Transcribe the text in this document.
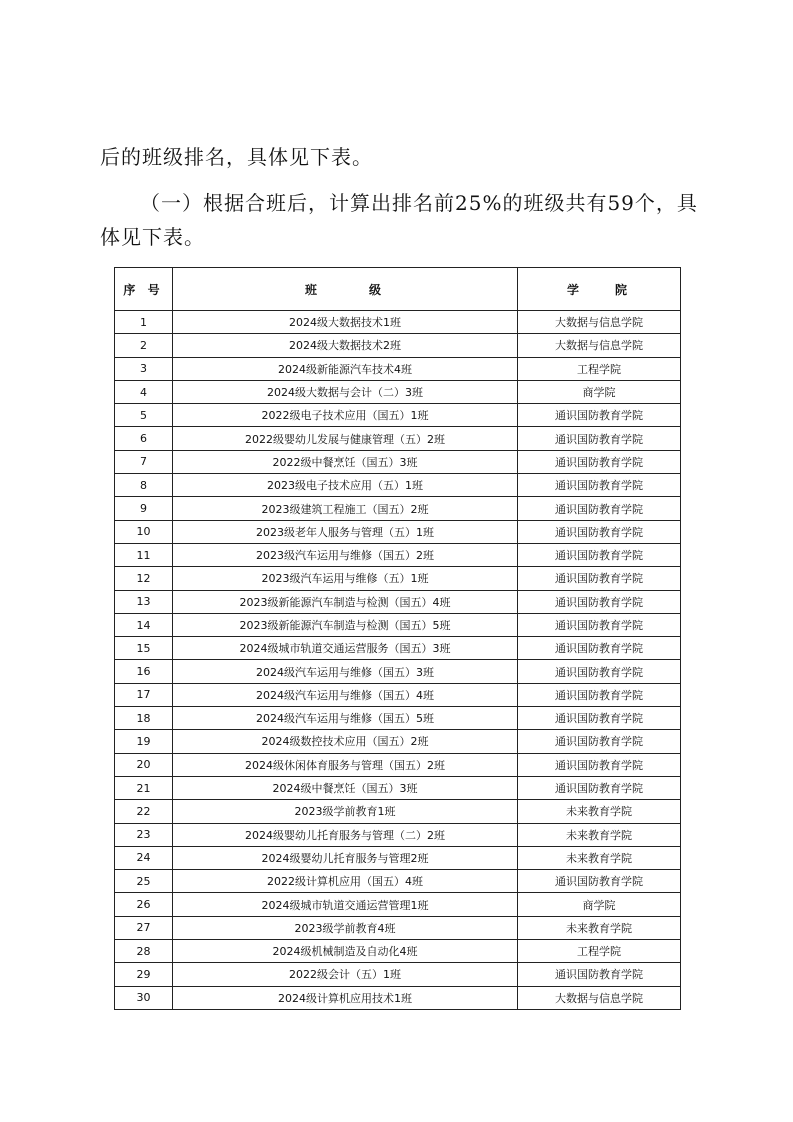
后的班级排名，具体见下表。

（一）根据合班后，计算出排名前25%的班级共有59个，具体见下表。

序 号	班　　　级	学　　院
1	2024级大数据技术1班	大数据与信息学院
2	2024级大数据技术2班	大数据与信息学院
3	2024级新能源汽车技术4班	工程学院
4	2024级大数据与会计（二）3班	商学院
5	2022级电子技术应用（国五）1班	通识国防教育学院
6	2022级婴幼儿发展与健康管理（五）2班	通识国防教育学院
7	2022级中餐烹饪（国五）3班	通识国防教育学院
8	2023级电子技术应用（五）1班	通识国防教育学院
9	2023级建筑工程施工（国五）2班	通识国防教育学院
10	2023级老年人服务与管理（五）1班	通识国防教育学院
11	2023级汽车运用与维修（国五）2班	通识国防教育学院
12	2023级汽车运用与维修（五）1班	通识国防教育学院
13	2023级新能源汽车制造与检测（国五）4班	通识国防教育学院
14	2023级新能源汽车制造与检测（国五）5班	通识国防教育学院
15	2024级城市轨道交通运营服务（国五）3班	通识国防教育学院
16	2024级汽车运用与维修（国五）3班	通识国防教育学院
17	2024级汽车运用与维修（国五）4班	通识国防教育学院
18	2024级汽车运用与维修（国五）5班	通识国防教育学院
19	2024级数控技术应用（国五）2班	通识国防教育学院
20	2024级休闲体育服务与管理（国五）2班	通识国防教育学院
21	2024级中餐烹饪（国五）3班	通识国防教育学院
22	2023级学前教育1班	未来教育学院
23	2024级婴幼儿托育服务与管理（二）2班	未来教育学院
24	2024级婴幼儿托育服务与管理2班	未来教育学院
25	2022级计算机应用（国五）4班	通识国防教育学院
26	2024级城市轨道交通运营管理1班	商学院
27	2023级学前教育4班	未来教育学院
28	2024级机械制造及自动化4班	工程学院
29	2022级会计（五）1班	通识国防教育学院
30	2024级计算机应用技术1班	大数据与信息学院
